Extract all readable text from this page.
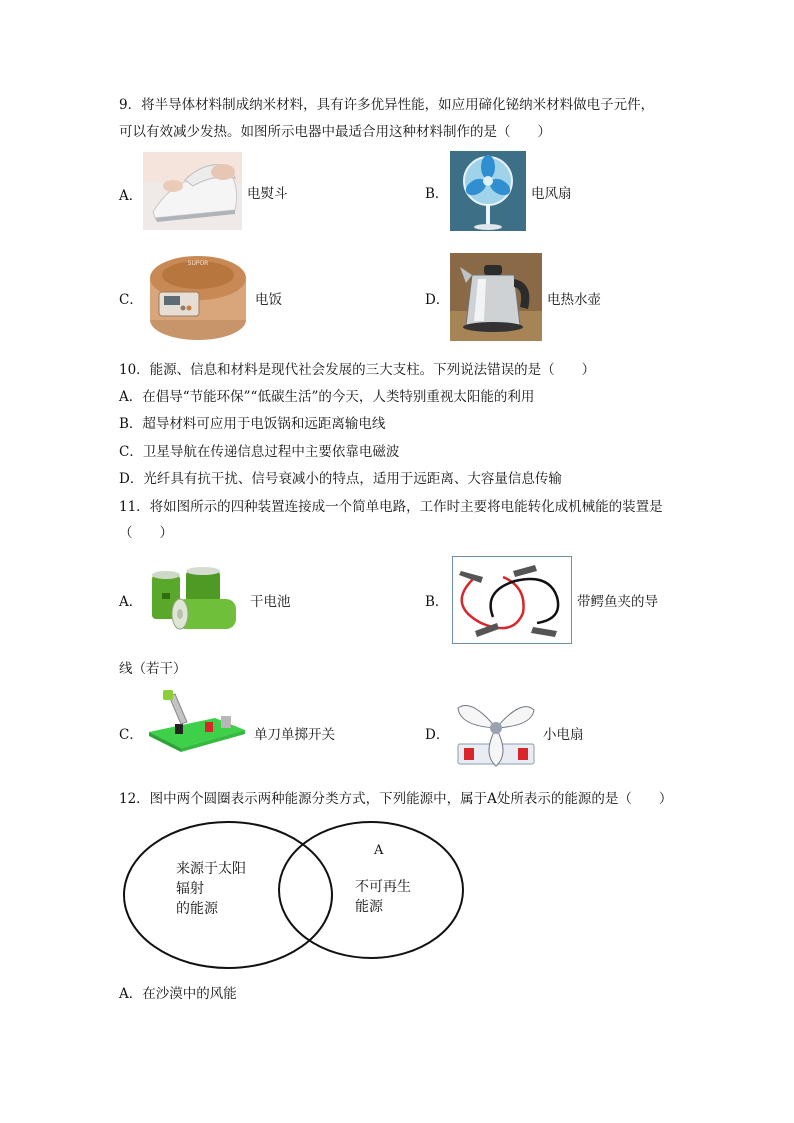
9．将半导体材料制成纳米材料，具有许多优异性能，如应用碲化铋纳米材料做电子元件，
可以有效减少发热。如图所示电器中最适合用这种材料制作的是（　　）
A．	电熨斗	B．	电风扇
C．
SUPOR
电饭	D．	电热水壶
10．能源、信息和材料是现代社会发展的三大支柱。下列说法错误的是（　　）
A．在倡导“节能环保”“低碳生活”的今天，人类特别重视太阳能的利用
B．超导材料可应用于电饭锅和远距离输电线
C．卫星导航在传递信息过程中主要依靠电磁波
D．光纤具有抗干扰、信号衰减小的特点，适用于远距离、大容量信息传输
11．将如图所示的四种装置连接成一个简单电路，工作时主要将电能转化成机械能的装置是
（　　）
A．	干电池	B．	带鳄鱼夹的导
线（若干）
C．	单刀单掷开关	D．	小电扇
12．图中两个圆圈表示两种能源分类方式，下列能源中，属于A处所表示的能源的是（　　）
来源于太阳
辐射
的能源
A
不可再生
能源
A．在沙漠中的风能
